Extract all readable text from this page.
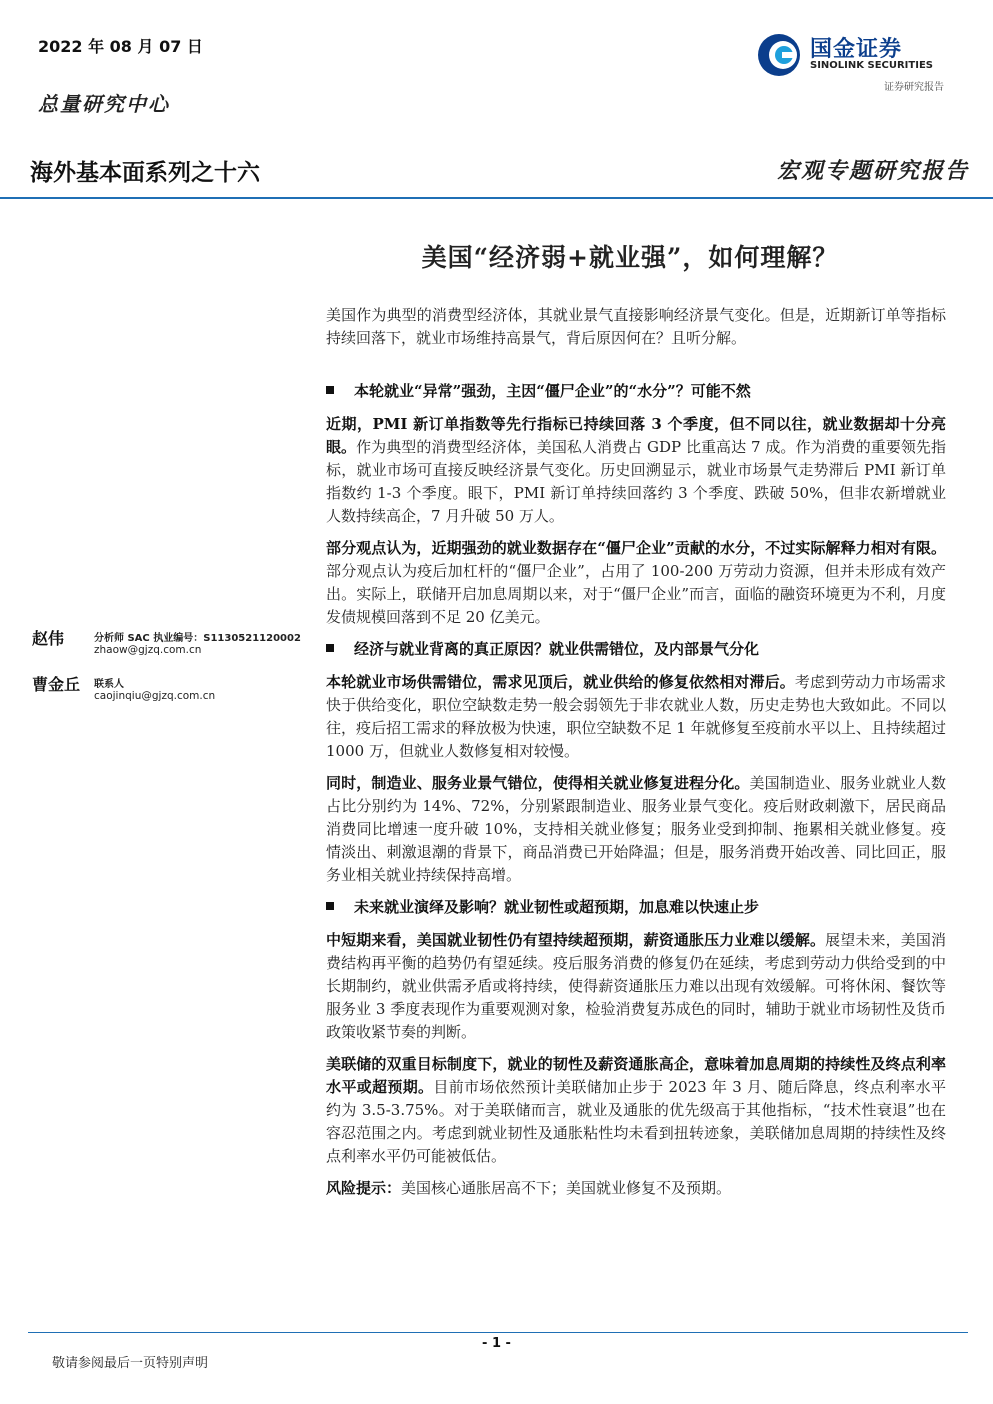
2022 年 08 月 07 日
总量研究中心
国金证券
SINOLINK SECURITIES
证券研究报告
海外基本面系列之十六	宏观专题研究报告
美国“经济弱+就业强”，如何理解？

美国作为典型的消费型经济体，其就业景气直接影响经济景气变化。但是，近期新订单等指标持续回落下，就业市场维持高景气，背后原因何在？且听分解。

本轮就业“异常”强劲，主因“僵尸企业”的“水分”？可能不然

近期，PMI 新订单指数等先行指标已持续回落 3 个季度，但不同以往，就业数据却十分亮眼。作为典型的消费型经济体，美国私人消费占 GDP 比重高达 7 成。作为消费的重要领先指标，就业市场可直接反映经济景气变化。历史回溯显示，就业市场景气走势滞后 PMI 新订单指数约 1-3 个季度。眼下，PMI 新订单持续回落约 3 个季度、跌破 50%，但非农新增就业人数持续高企，7 月升破 50 万人。

部分观点认为，近期强劲的就业数据存在“僵尸企业”贡献的水分，不过实际解释力相对有限。部分观点认为疫后加杠杆的“僵尸企业”，占用了 100-200 万劳动力资源，但并未形成有效产出。实际上，联储开启加息周期以来，对于“僵尸企业”而言，面临的融资环境更为不利，月度发债规模回落到不足 20 亿美元。

经济与就业背离的真正原因？就业供需错位，及内部景气分化

本轮就业市场供需错位，需求见顶后，就业供给的修复依然相对滞后。考虑到劳动力市场需求快于供给变化，职位空缺数走势一般会弱领先于非农就业人数，历史走势也大致如此。不同以往，疫后招工需求的释放极为快速，职位空缺数不足 1 年就修复至疫前水平以上、且持续超过 1000 万，但就业人数修复相对较慢。

同时，制造业、服务业景气错位，使得相关就业修复进程分化。美国制造业、服务业就业人数占比分别约为 14%、72%，分别紧跟制造业、服务业景气变化。疫后财政刺激下，居民商品消费同比增速一度升破 10%，支持相关就业修复；服务业受到抑制、拖累相关就业修复。疫情淡出、刺激退潮的背景下，商品消费已开始降温；但是，服务消费开始改善、同比回正，服务业相关就业持续保持高增。

未来就业演绎及影响？就业韧性或超预期，加息难以快速止步

中短期来看，美国就业韧性仍有望持续超预期，薪资通胀压力业难以缓解。展望未来，美国消费结构再平衡的趋势仍有望延续。疫后服务消费的修复仍在延续，考虑到劳动力供给受到的中长期制约，就业供需矛盾或将持续，使得薪资通胀压力难以出现有效缓解。可将休闲、餐饮等服务业 3 季度表现作为重要观测对象，检验消费复苏成色的同时，辅助于就业市场韧性及货币政策收紧节奏的判断。

美联储的双重目标制度下，就业的韧性及薪资通胀高企，意味着加息周期的持续性及终点利率水平或超预期。目前市场依然预计美联储加止步于 2023 年 3 月、随后降息，终点利率水平约为 3.5-3.75%。对于美联储而言，就业及通胀的优先级高于其他指标，“技术性衰退”也在容忍范围之内。考虑到就业韧性及通胀粘性均未看到扭转迹象，美联储加息周期的持续性及终点利率水平仍可能被低估。

风险提示：美国核心通胀居高不下；美国就业修复不及预期。

赵伟	分析师 SAC 执业编号：S1130521120002
zhaow@gjzq.com.cn
曹金丘 联系人
caojinqiu@gjzq.com.cn
- 1 -
敬请参阅最后一页特别声明
